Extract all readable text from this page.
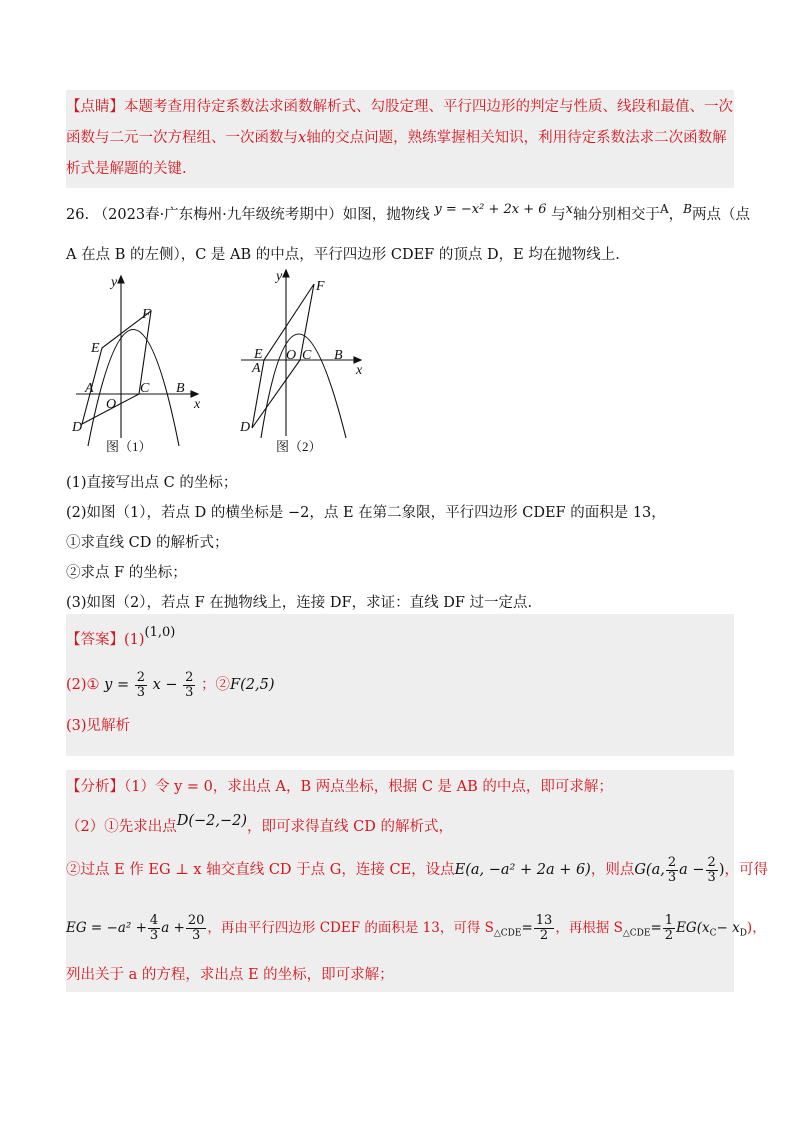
【点睛】本题考查用待定系数法求函数解析式、勾股定理、平行四边形的判定与性质、线段和最值、一次
函数与二元一次方程组、一次函数与x轴的交点问题，熟练掌握相关知识，利用待定系数法求二次函数解
析式是解题的关键.
26. （2023春·广东梅州·九年级统考期中）如图，抛物线 y = −x² + 2x + 6 与x轴分别相交于$^A$，$^B$两点（点
A 在点 B 的左侧），C 是 AB 的中点，平行四边形 CDEF 的顶点 D，E 均在抛物线上.
y
x
O
A	B
C
D
E
F
图（1）
y
x
O
A
B
C
D
E
F
图（2）
(1)直接写出点 C 的坐标；
(2)如图（1），若点 D 的横坐标是 −2，点 E 在第二象限，平行四边形 CDEF 的面积是 13，
①求直线 CD 的解析式；
②求点 F 的坐标；
(3)如图（2），若点 F 在抛物线上，连接 DF，求证：直线 DF 过一定点.
【答案】(1)(1,0)
(2)① $y = \frac{2}{3}$ $x - \frac{2}{3}$ ；②F(2,5)
(3)见解析
【分析】（1）令 y = 0，求出点 A，B 两点坐标，根据 C 是 AB 的中点，即可求解；
（2）①先求出点D(−2,−2)，即可求得直线 CD 的解析式，
②过点 E 作 EG ⊥ x 轴交直线 CD 于点 G，连接 CE，设点E(a, −a² + 2a + 6)，则点G(a, $\frac{2}{3}$ $a - \frac{2}{3}$ )，可得
EG = $-a^2 + \frac{4}{3}$ $a + \frac{20}{3}$ ，再由平行四边形 CDEF 的面积是 13，可得 $S_{\triangle CDE}= \frac{13}{2}$ ，再根据 $S_{\triangle CDE}= \frac{1}{2} EG(x_C- x_D)$，
列出关于 a 的方程，求出点 E 的坐标，即可求解；
